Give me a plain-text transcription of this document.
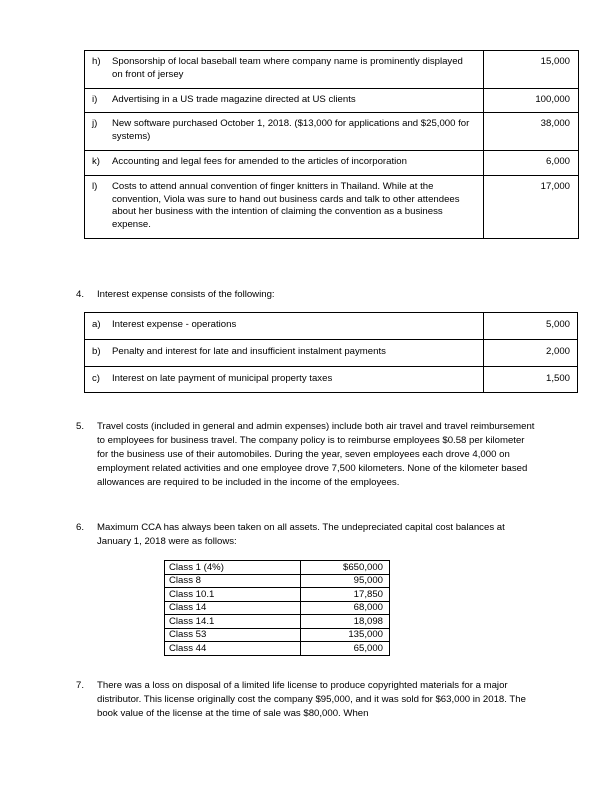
h) Sponsorship of local baseball team where company name is prominently displayed on front of jersey	15,000

i) Advertising in a US trade magazine directed at US clients	100,000

j) New software purchased October 1, 2018. ($13,000 for applications and $25,000 for systems)	38,000

k) Accounting and legal fees for amended to the articles of incorporation	6,000

l) Costs to attend annual convention of finger knitters in Thailand. While at the convention, Viola was sure to hand out business cards and talk to other attendees about her business with the intention of claiming the convention as a business expense.	17,000
4.	Interest expense consists of the following:

a) Interest expense - operations	5,000

b) Penalty and interest for late and insufficient instalment payments	2,000

c) Interest on late payment of municipal property taxes	1,500
5.	Travel costs (included in general and admin expenses) include both air travel and travel reimbursement to employees for business travel. The company policy is to reimburse employees $0.58 per kilometer for the business use of their automobiles. During the year, seven employees each drove 4,000 on employment related activities and one employee drove 7,500 kilometers. None of the kilometer based allowances are required to be included in the income of the employees.

6.	Maximum CCA has always been taken on all assets. The undepreciated capital cost balances at January 1, 2018 were as follows:

Class 1 (4%)	$650,000
Class 8	95,000
Class 10.1	17,850
Class 14	68,000
Class 14.1	18,098
Class 53	135,000
Class 44	65,000
7.	There was a loss on disposal of a limited life license to produce copyrighted materials for a major distributor. This license originally cost the company $95,000, and it was sold for $63,000 in 2018. The book value of the license at the time of sale was $80,000. When
